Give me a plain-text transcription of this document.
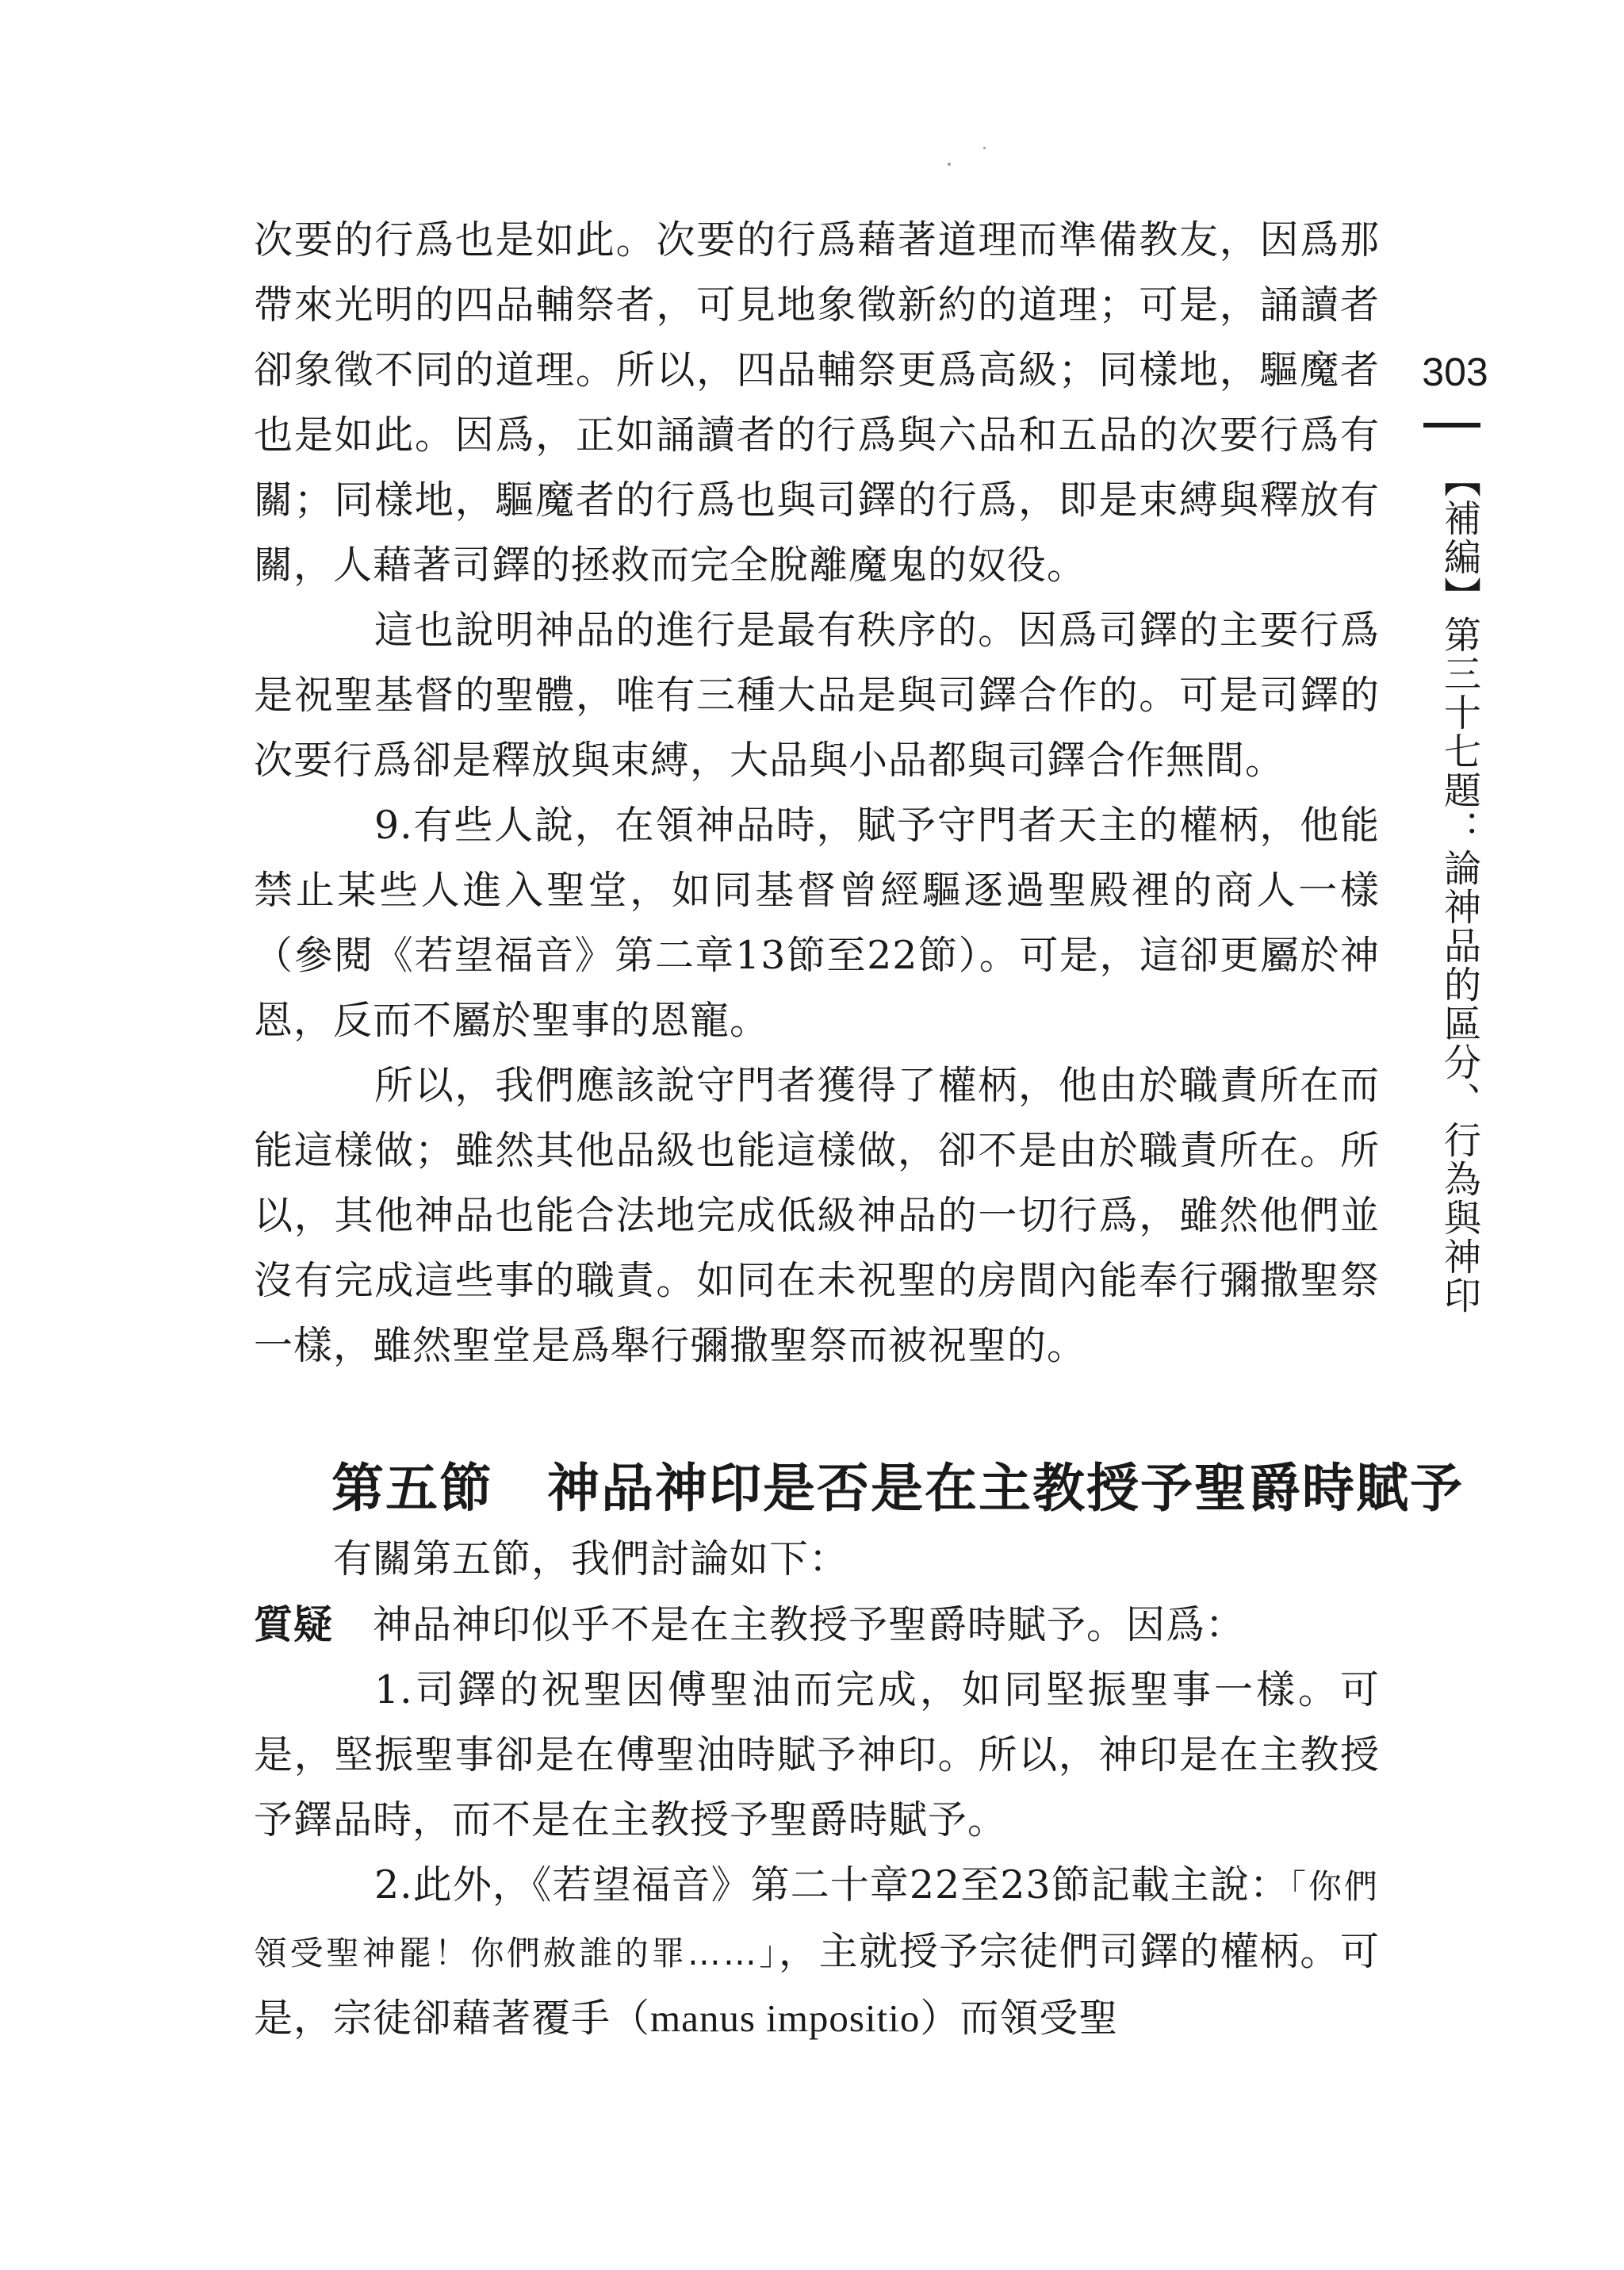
次要的行爲也是如此。次要的行爲藉著道理而準備教友，因爲那帶來光明的四品輔祭者，可見地象徵新約的道理；可是，誦讀者卻象徵不同的道理。所以，四品輔祭更爲高級；同樣地，驅魔者也是如此。因爲，正如誦讀者的行爲與六品和五品的次要行爲有關；同樣地，驅魔者的行爲也與司鐸的行爲，即是束縛與釋放有關，人藉著司鐸的拯救而完全脫離魔鬼的奴役。

這也說明神品的進行是最有秩序的。因爲司鐸的主要行爲是祝聖基督的聖體，唯有三種大品是與司鐸合作的。可是司鐸的次要行爲卻是釋放與束縛，大品與小品都與司鐸合作無間。

9.有些人說，在領神品時，賦予守門者天主的權柄，他能禁止某些人進入聖堂，如同基督曾經驅逐過聖殿裡的商人一樣（參閱《若望福音》第二章13節至22節）。可是，這卻更屬於神恩，反而不屬於聖事的恩寵。

所以，我們應該說守門者獲得了權柄，他由於職責所在而能這樣做；雖然其他品級也能這樣做，卻不是由於職責所在。所以，其他神品也能合法地完成低級神品的一切行爲，雖然他們並沒有完成這些事的職責。如同在未祝聖的房間內能奉行彌撒聖祭一樣，雖然聖堂是爲舉行彌撒聖祭而被祝聖的。

第五節　神品神印是否是在主教授予聖爵時賦予

有關第五節，我們討論如下：

質疑 神品神印似乎不是在主教授予聖爵時賦予。因爲：

1.司鐸的祝聖因傅聖油而完成，如同堅振聖事一樣。可是，堅振聖事卻是在傅聖油時賦予神印。所以，神印是在主教授予鐸品時，而不是在主教授予聖爵時賦予。

2.此外，《若望福音》第二十章22至23節記載主說：「你們領受聖神罷！你們赦誰的罪……」，主就授予宗徒們司鐸的權柄。可是，宗徒卻藉著覆手（manus impositio）而領受聖

303
【補編】第三十七題：論神品的區分、行為與神印
